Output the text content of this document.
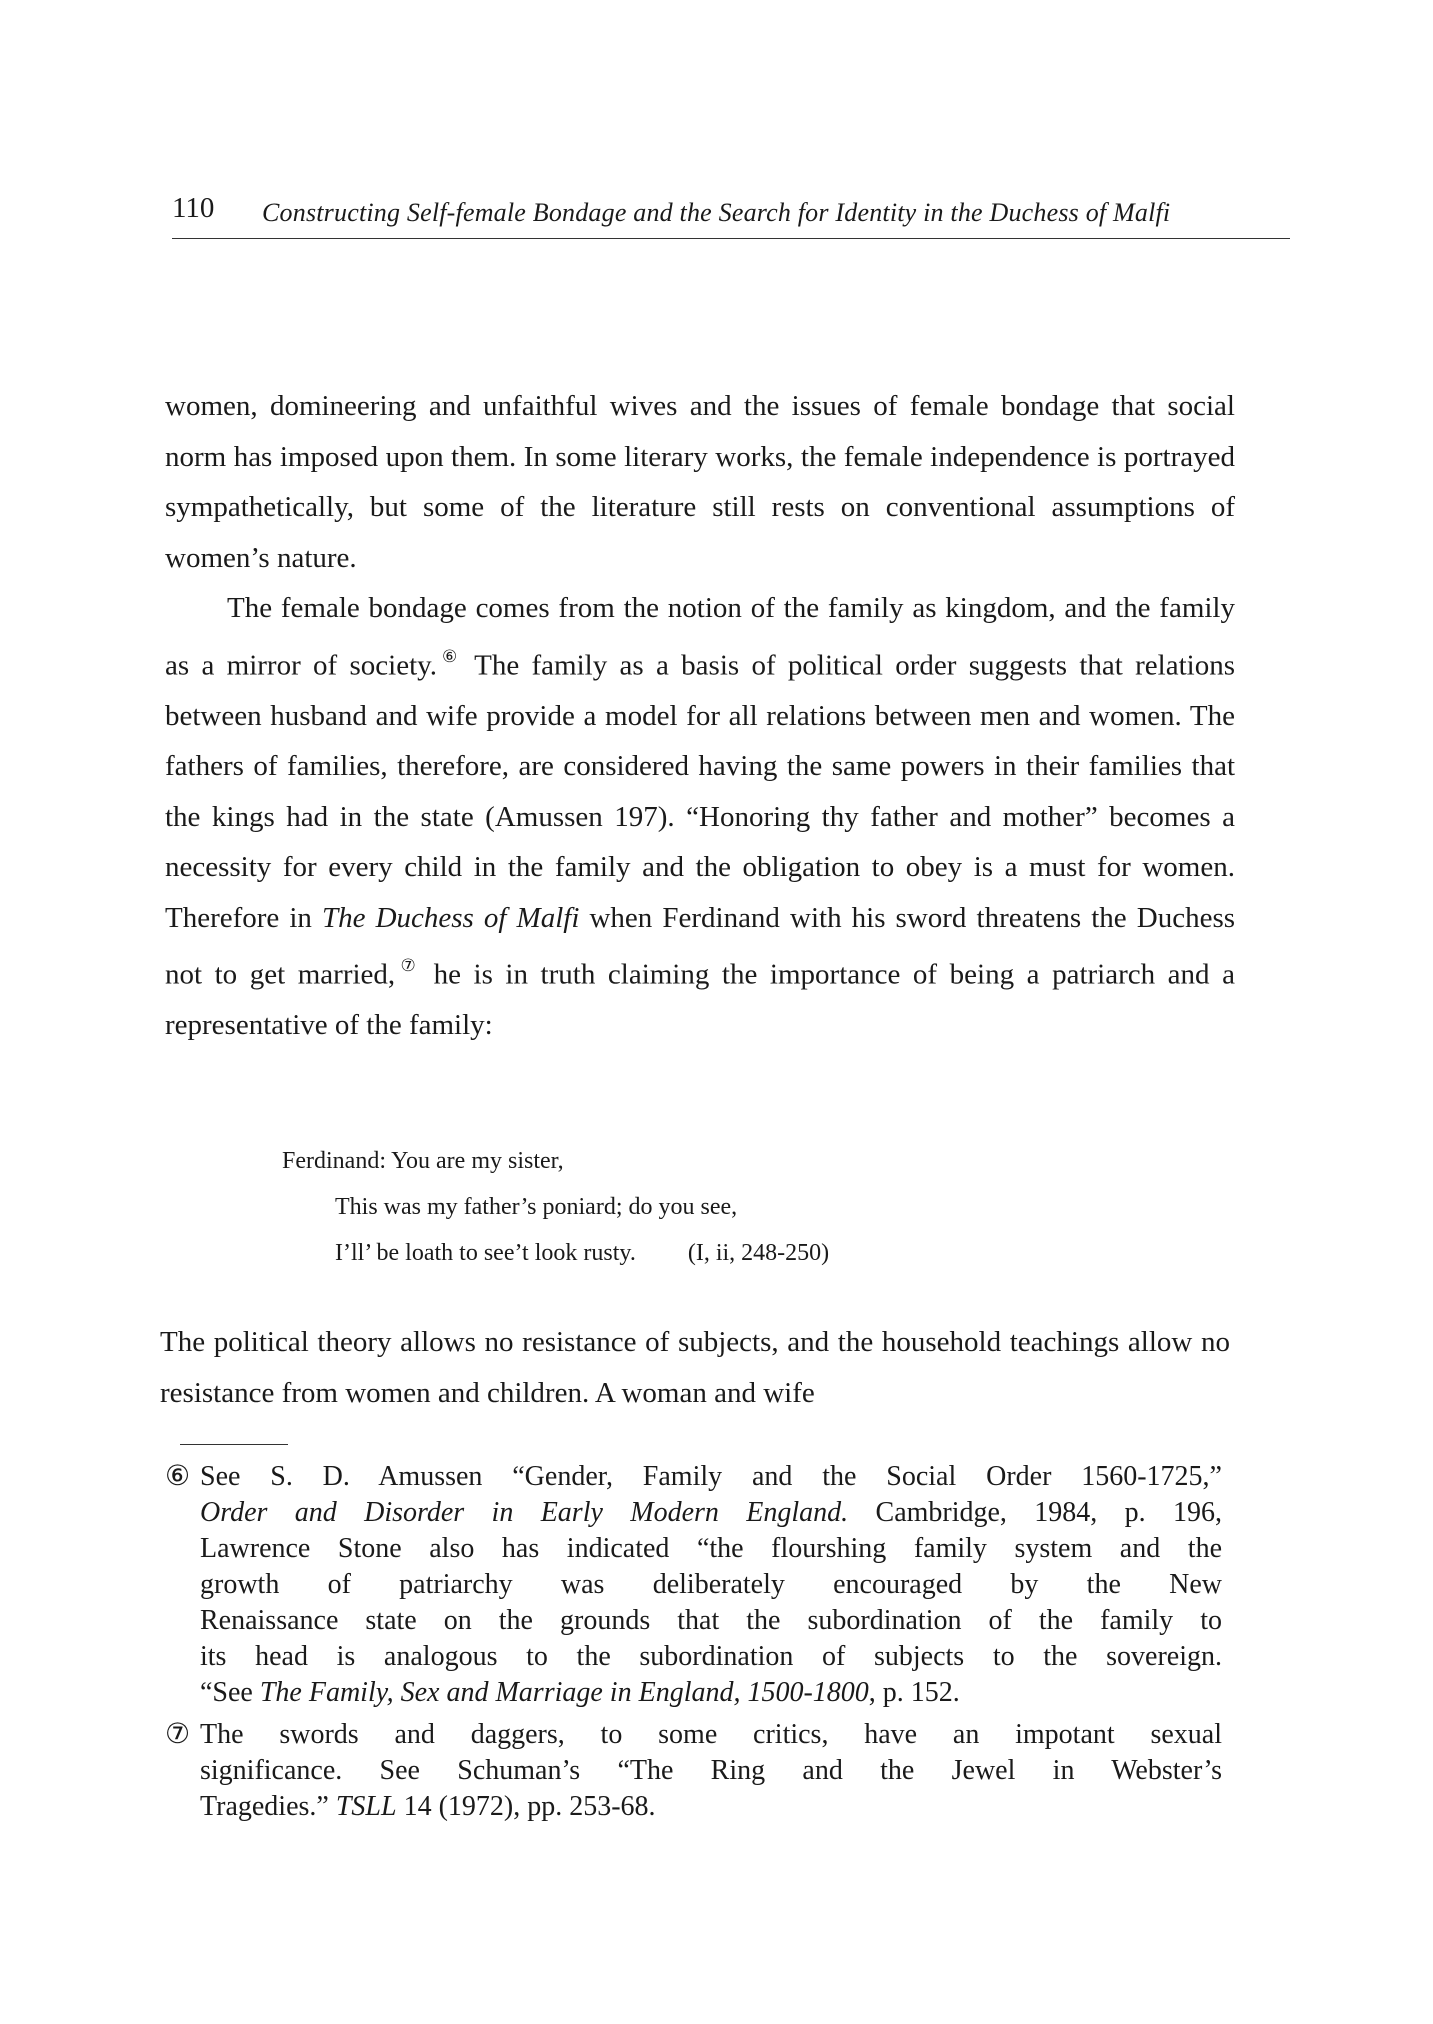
110 Constructing Self-female Bondage and the Search for Identity in the Duchess of Malfi

women, domineering and unfaithful wives and the issues of female bondage that social norm has imposed upon them. In some literary works, the female independence is portrayed sympathetically, but some of the literature still rests on conventional assumptions of women’s nature.

The female bondage comes from the notion of the family as kingdom, and the family as a mirror of society.⑥ The family as a basis of political order suggests that relations between husband and wife provide a model for all relations between men and women. The fathers of families, therefore, are considered having the same powers in their families that the kings had in the state (Amussen 197). “Honoring thy father and mother” becomes a necessity for every child in the family and the obligation to obey is a must for women. Therefore in The Duchess of Malfi when Ferdinand with his sword threatens the Duchess not to get married,⑦ he is in truth claiming the importance of being a patriarch and a representative of the family:

Ferdinand: You are my sister,
This was my father’s poniard; do you see,
I’ll’ be loath to see’t look rusty. (I, ii, 248-250)

The political theory allows no resistance of subjects, and the household teachings allow no resistance from women and children. A woman and wife

⑥ See S. D. Amussen “Gender, Family and the Social Order 1560-1725,”
Order and Disorder in Early Modern England. Cambridge, 1984, p. 196,
Lawrence Stone also has indicated “the flourshing family system and the
growth of patriarchy was deliberately encouraged by the New
Renaissance state on the grounds that the subordination of the family to
its head is analogous to the subordination of subjects to the sovereign.
“See The Family, Sex and Marriage in England, 1500-1800, p. 152.
⑦ The swords and daggers, to some critics, have an impotant sexual
significance. See Schuman’s “The Ring and the Jewel in Webster’s
Tragedies.” TSLL 14 (1972), pp. 253-68.
